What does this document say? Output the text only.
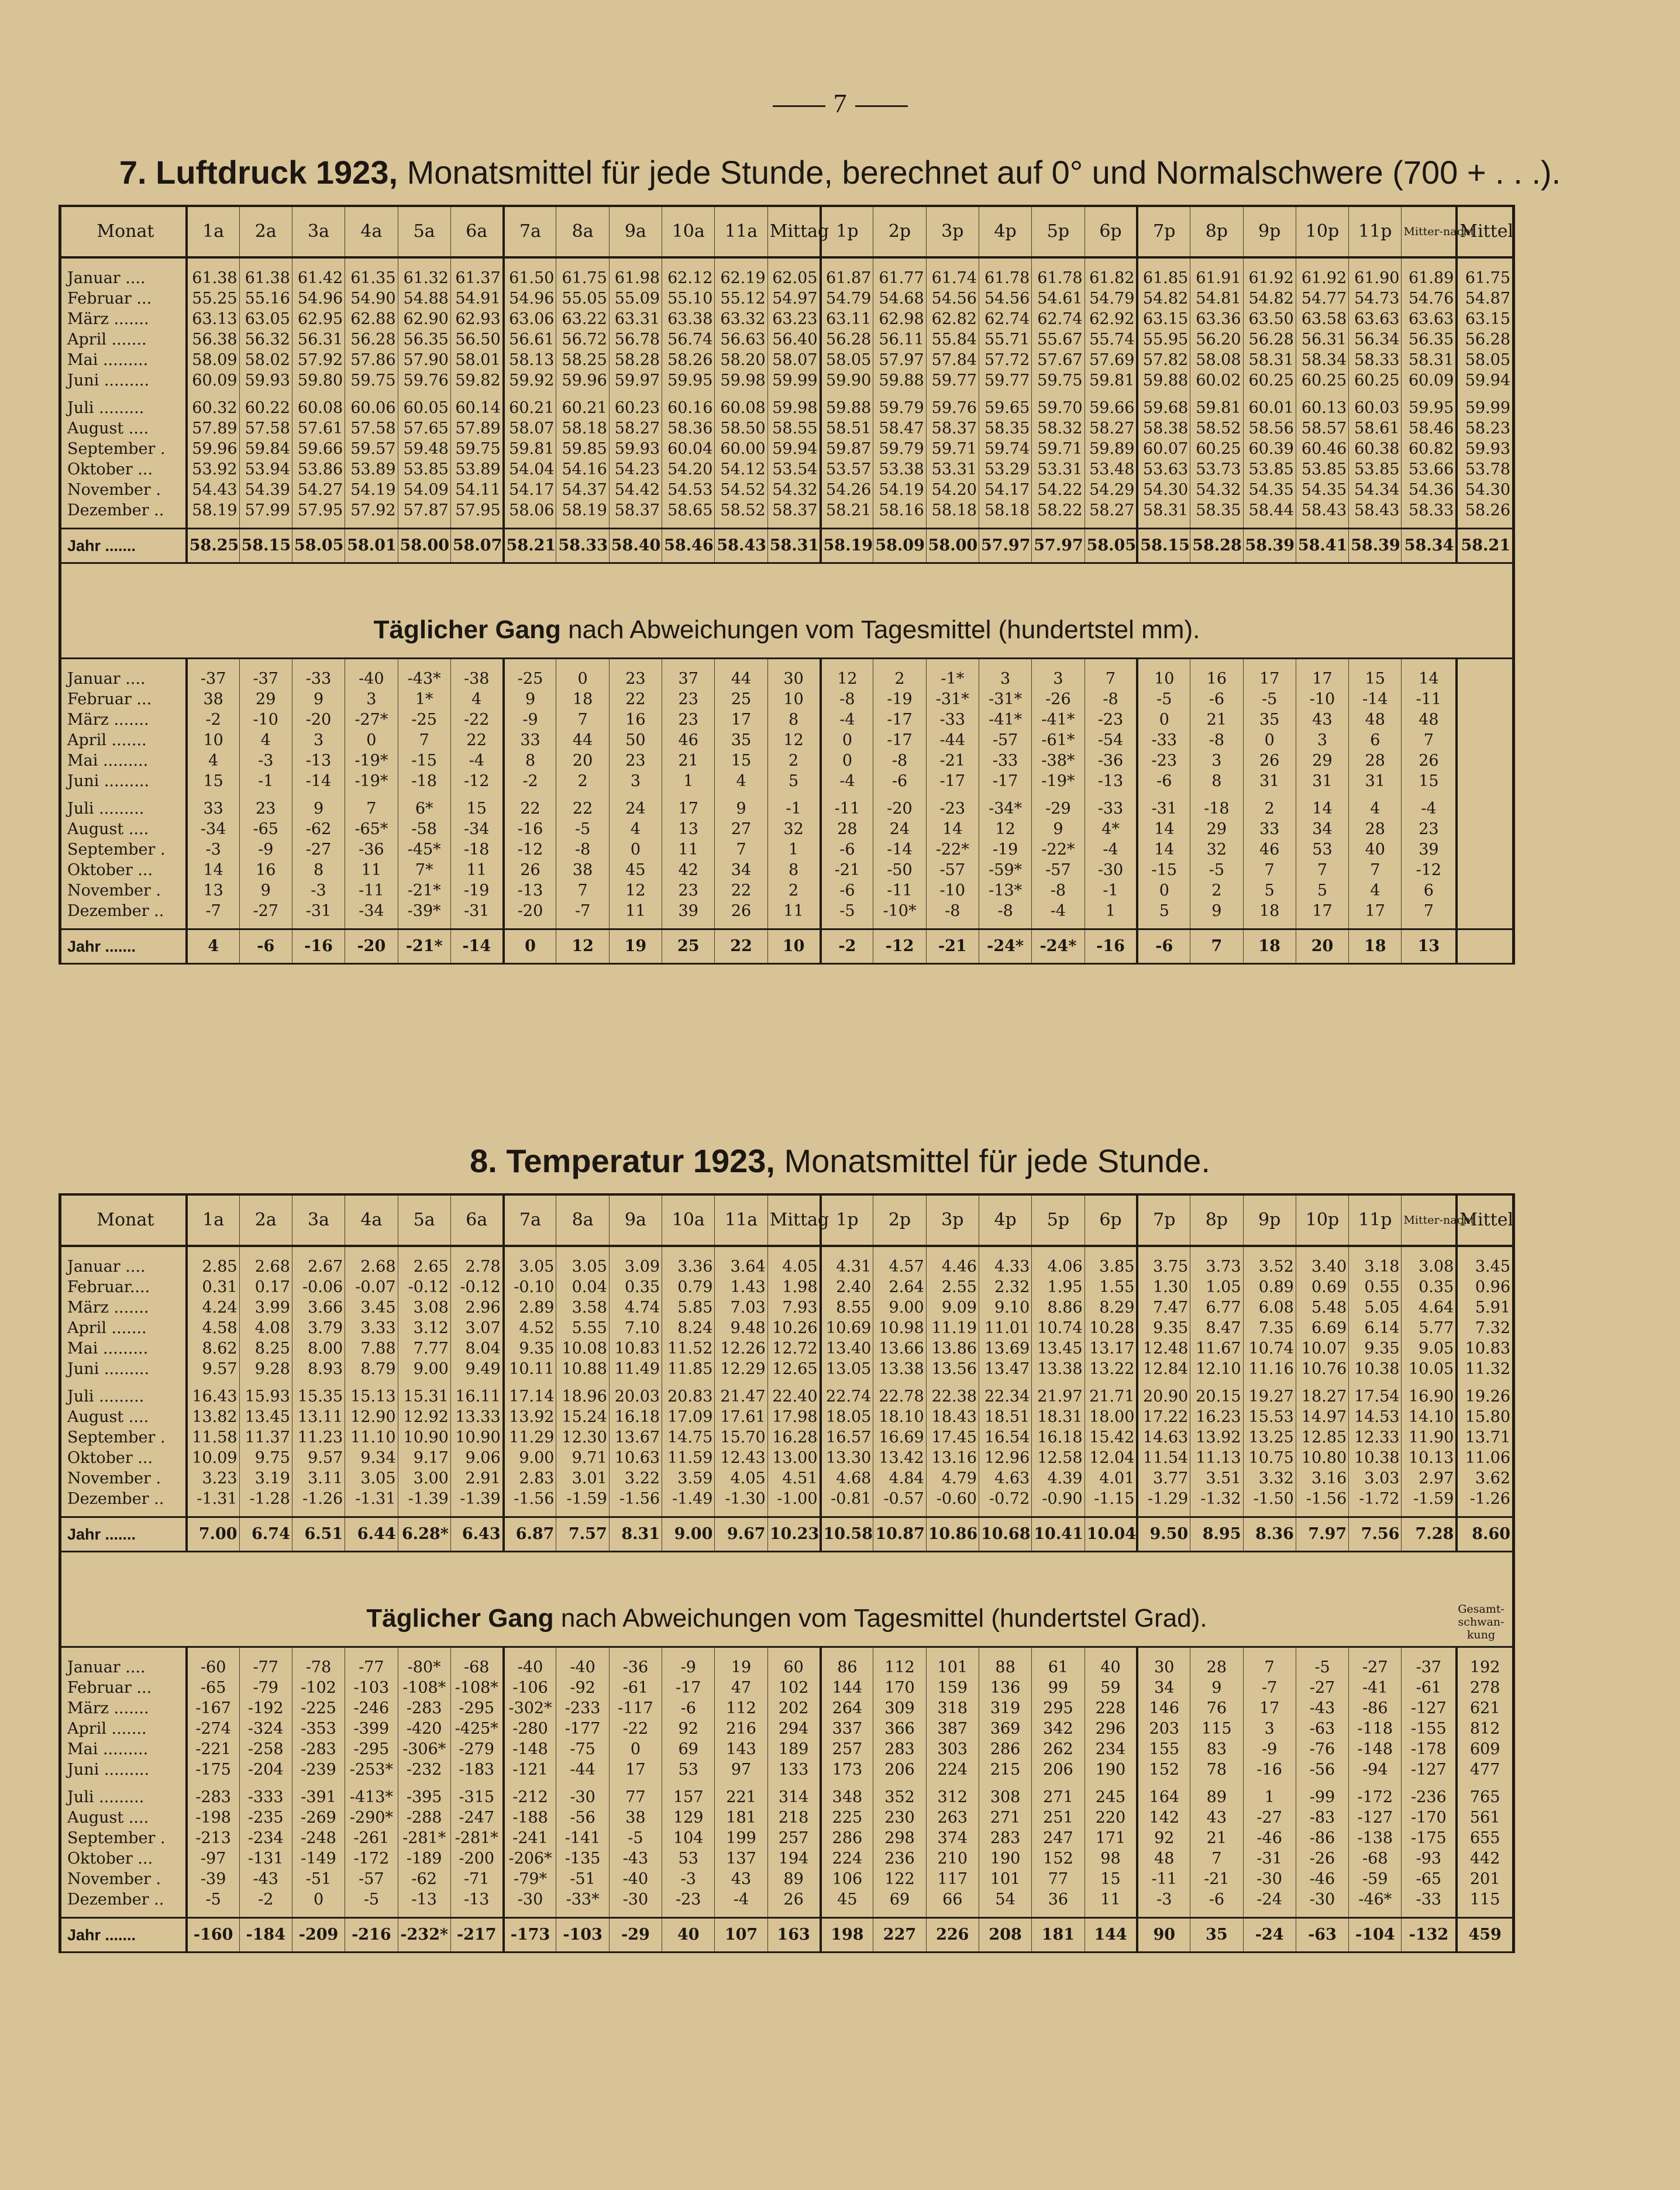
7
7. Luftdruck 1923, Monatsmittel für jede Stunde, berechnet auf 0° und Normalschwere (700 + . . .).
Monat	1a	2a	3a	4a	5a	6a	7a	8a	9a	10a	11a	Mittag	1p	2p	3p	4p	5p	6p	7p	8p	9p	10p	11p	Mitter-nacht	Mittel
Januar ....	61.38	61.38	61.42	61.35	61.32	61.37	61.50	61.75	61.98	62.12	62.19	62.05	61.87	61.77	61.74	61.78	61.78	61.82	61.85	61.91	61.92	61.92	61.90	61.89	61.75
Februar ...	55.25	55.16	54.96	54.90	54.88	54.91	54.96	55.05	55.09	55.10	55.12	54.97	54.79	54.68	54.56	54.56	54.61	54.79	54.82	54.81	54.82	54.77	54.73	54.76	54.87
März .......	63.13	63.05	62.95	62.88	62.90	62.93	63.06	63.22	63.31	63.38	63.32	63.23	63.11	62.98	62.82	62.74	62.74	62.92	63.15	63.36	63.50	63.58	63.63	63.63	63.15
April .......	56.38	56.32	56.31	56.28	56.35	56.50	56.61	56.72	56.78	56.74	56.63	56.40	56.28	56.11	55.84	55.71	55.67	55.74	55.95	56.20	56.28	56.31	56.34	56.35	56.28
Mai .........	58.09	58.02	57.92	57.86	57.90	58.01	58.13	58.25	58.28	58.26	58.20	58.07	58.05	57.97	57.84	57.72	57.67	57.69	57.82	58.08	58.31	58.34	58.33	58.31	58.05
Juni .........	60.09	59.93	59.80	59.75	59.76	59.82	59.92	59.96	59.97	59.95	59.98	59.99	59.90	59.88	59.77	59.77	59.75	59.81	59.88	60.02	60.25	60.25	60.25	60.09	59.94

Juli .........	60.32	60.22	60.08	60.06	60.05	60.14	60.21	60.21	60.23	60.16	60.08	59.98	59.88	59.79	59.76	59.65	59.70	59.66	59.68	59.81	60.01	60.13	60.03	59.95	59.99
August ....	57.89	57.58	57.61	57.58	57.65	57.89	58.07	58.18	58.27	58.36	58.50	58.55	58.51	58.47	58.37	58.35	58.32	58.27	58.38	58.52	58.56	58.57	58.61	58.46	58.23
September .	59.96	59.84	59.66	59.57	59.48	59.75	59.81	59.85	59.93	60.04	60.00	59.94	59.87	59.79	59.71	59.74	59.71	59.89	60.07	60.25	60.39	60.46	60.38	60.82	59.93
Oktober ...	53.92	53.94	53.86	53.89	53.85	53.89	54.04	54.16	54.23	54.20	54.12	53.54	53.57	53.38	53.31	53.29	53.31	53.48	53.63	53.73	53.85	53.85	53.85	53.66	53.78
November .	54.43	54.39	54.27	54.19	54.09	54.11	54.17	54.37	54.42	54.53	54.52	54.32	54.26	54.19	54.20	54.17	54.22	54.29	54.30	54.32	54.35	54.35	54.34	54.36	54.30
Dezember ..	58.19	57.99	57.95	57.92	57.87	57.95	58.06	58.19	58.37	58.65	58.52	58.37	58.21	58.16	58.18	58.18	58.22	58.27	58.31	58.35	58.44	58.43	58.43	58.33	58.26

Jahr .......	58.25	58.15	58.05	58.01	58.00	58.07	58.21	58.33	58.40	58.46	58.43	58.31	58.19	58.09	58.00	57.97	57.97	58.05	58.15	58.28	58.39	58.41	58.39	58.34	58.21
Täglicher Gang nach Abweichungen vom Tagesmittel (hundertstel mm).
Januar ....	-37	-37	-33	-40	-43*	-38	-25	0	23	37	44	30	12	2	-1*	3	3	7	10	16	17	17	15	14	
Februar ...	38	29	9	3	1*	4	9	18	22	23	25	10	-8	-19	-31*	-31*	-26	-8	-5	-6	-5	-10	-14	-11	
März .......	-2	-10	-20	-27*	-25	-22	-9	7	16	23	17	8	-4	-17	-33	-41*	-41*	-23	0	21	35	43	48	48	
April .......	10	4	3	0	7	22	33	44	50	46	35	12	0	-17	-44	-57	-61*	-54	-33	-8	0	3	6	7	
Mai .........	4	-3	-13	-19*	-15	-4	8	20	23	21	15	2	0	-8	-21	-33	-38*	-36	-23	3	26	29	28	26	
Juni .........	15	-1	-14	-19*	-18	-12	-2	2	3	1	4	5	-4	-6	-17	-17	-19*	-13	-6	8	31	31	31	15	

Juli .........	33	23	9	7	6*	15	22	22	24	17	9	-1	-11	-20	-23	-34*	-29	-33	-31	-18	2	14	4	-4	
August ....	-34	-65	-62	-65*	-58	-34	-16	-5	4	13	27	32	28	24	14	12	9	4*	14	29	33	34	28	23	
September .	-3	-9	-27	-36	-45*	-18	-12	-8	0	11	7	1	-6	-14	-22*	-19	-22*	-4	14	32	46	53	40	39	
Oktober ...	14	16	8	11	7*	11	26	38	45	42	34	8	-21	-50	-57	-59*	-57	-30	-15	-5	7	7	7	-12	
November .	13	9	-3	-11	-21*	-19	-13	7	12	23	22	2	-6	-11	-10	-13*	-8	-1	0	2	5	5	4	6	
Dezember ..	-7	-27	-31	-34	-39*	-31	-20	-7	11	39	26	11	-5	-10*	-8	-8	-4	1	5	9	18	17	17	7	

Jahr .......	4	-6	-16	-20	-21*	-14	0	12	19	25	22	10	-2	-12	-21	-24*	-24*	-16	-6	7	18	20	18	13	
8. Temperatur 1923, Monatsmittel für jede Stunde.
Monat	1a	2a	3a	4a	5a	6a	7a	8a	9a	10a	11a	Mittag	1p	2p	3p	4p	5p	6p	7p	8p	9p	10p	11p	Mitter-nacht	Mittel
Januar ....	2.85	2.68	2.67	2.68	2.65	2.78	3.05	3.05	3.09	3.36	3.64	4.05	4.31	4.57	4.46	4.33	4.06	3.85	3.75	3.73	3.52	3.40	3.18	3.08	3.45
Februar....	0.31	0.17	-0.06	-0.07	-0.12	-0.12	-0.10	0.04	0.35	0.79	1.43	1.98	2.40	2.64	2.55	2.32	1.95	1.55	1.30	1.05	0.89	0.69	0.55	0.35	0.96
März .......	4.24	3.99	3.66	3.45	3.08	2.96	2.89	3.58	4.74	5.85	7.03	7.93	8.55	9.00	9.09	9.10	8.86	8.29	7.47	6.77	6.08	5.48	5.05	4.64	5.91
April .......	4.58	4.08	3.79	3.33	3.12	3.07	4.52	5.55	7.10	8.24	9.48	10.26	10.69	10.98	11.19	11.01	10.74	10.28	9.35	8.47	7.35	6.69	6.14	5.77	7.32
Mai .........	8.62	8.25	8.00	7.88	7.77	8.04	9.35	10.08	10.83	11.52	12.26	12.72	13.40	13.66	13.86	13.69	13.45	13.17	12.48	11.67	10.74	10.07	9.35	9.05	10.83
Juni .........	9.57	9.28	8.93	8.79	9.00	9.49	10.11	10.88	11.49	11.85	12.29	12.65	13.05	13.38	13.56	13.47	13.38	13.22	12.84	12.10	11.16	10.76	10.38	10.05	11.32

Juli .........	16.43	15.93	15.35	15.13	15.31	16.11	17.14	18.96	20.03	20.83	21.47	22.40	22.74	22.78	22.38	22.34	21.97	21.71	20.90	20.15	19.27	18.27	17.54	16.90	19.26
August ....	13.82	13.45	13.11	12.90	12.92	13.33	13.92	15.24	16.18	17.09	17.61	17.98	18.05	18.10	18.43	18.51	18.31	18.00	17.22	16.23	15.53	14.97	14.53	14.10	15.80
September .	11.58	11.37	11.23	11.10	10.90	10.90	11.29	12.30	13.67	14.75	15.70	16.28	16.57	16.69	17.45	16.54	16.18	15.42	14.63	13.92	13.25	12.85	12.33	11.90	13.71
Oktober ...	10.09	9.75	9.57	9.34	9.17	9.06	9.00	9.71	10.63	11.59	12.43	13.00	13.30	13.42	13.16	12.96	12.58	12.04	11.54	11.13	10.75	10.80	10.38	10.13	11.06
November .	3.23	3.19	3.11	3.05	3.00	2.91	2.83	3.01	3.22	3.59	4.05	4.51	4.68	4.84	4.79	4.63	4.39	4.01	3.77	3.51	3.32	3.16	3.03	2.97	3.62
Dezember ..	-1.31	-1.28	-1.26	-1.31	-1.39	-1.39	-1.56	-1.59	-1.56	-1.49	-1.30	-1.00	-0.81	-0.57	-0.60	-0.72	-0.90	-1.15	-1.29	-1.32	-1.50	-1.56	-1.72	-1.59	-1.26

Jahr .......	7.00	6.74	6.51	6.44	6.28*	6.43	6.87	7.57	8.31	9.00	9.67	10.23	10.58	10.87	10.86	10.68	10.41	10.04	9.50	8.95	8.36	7.97	7.56	7.28	8.60
Täglicher Gang nach Abweichungen vom Tagesmittel (hundertstel Grad).	Gesamt-schwan-kung
Januar ....	-60	-77	-78	-77	-80*	-68	-40	-40	-36	-9	19	60	86	112	101	88	61	40	30	28	7	-5	-27	-37	192
Februar ...	-65	-79	-102	-103	-108*	-108*	-106	-92	-61	-17	47	102	144	170	159	136	99	59	34	9	-7	-27	-41	-61	278
März .......	-167	-192	-225	-246	-283	-295	-302*	-233	-117	-6	112	202	264	309	318	319	295	228	146	76	17	-43	-86	-127	621
April .......	-274	-324	-353	-399	-420	-425*	-280	-177	-22	92	216	294	337	366	387	369	342	296	203	115	3	-63	-118	-155	812
Mai .........	-221	-258	-283	-295	-306*	-279	-148	-75	0	69	143	189	257	283	303	286	262	234	155	83	-9	-76	-148	-178	609
Juni .........	-175	-204	-239	-253*	-232	-183	-121	-44	17	53	97	133	173	206	224	215	206	190	152	78	-16	-56	-94	-127	477

Juli .........	-283	-333	-391	-413*	-395	-315	-212	-30	77	157	221	314	348	352	312	308	271	245	164	89	1	-99	-172	-236	765
August ....	-198	-235	-269	-290*	-288	-247	-188	-56	38	129	181	218	225	230	263	271	251	220	142	43	-27	-83	-127	-170	561
September .	-213	-234	-248	-261	-281*	-281*	-241	-141	-5	104	199	257	286	298	374	283	247	171	92	21	-46	-86	-138	-175	655
Oktober ...	-97	-131	-149	-172	-189	-200	-206*	-135	-43	53	137	194	224	236	210	190	152	98	48	7	-31	-26	-68	-93	442
November .	-39	-43	-51	-57	-62	-71	-79*	-51	-40	-3	43	89	106	122	117	101	77	15	-11	-21	-30	-46	-59	-65	201
Dezember ..	-5	-2	0	-5	-13	-13	-30	-33*	-30	-23	-4	26	45	69	66	54	36	11	-3	-6	-24	-30	-46*	-33	115

Jahr .......	-160	-184	-209	-216	-232*	-217	-173	-103	-29	40	107	163	198	227	226	208	181	144	90	35	-24	-63	-104	-132	459
